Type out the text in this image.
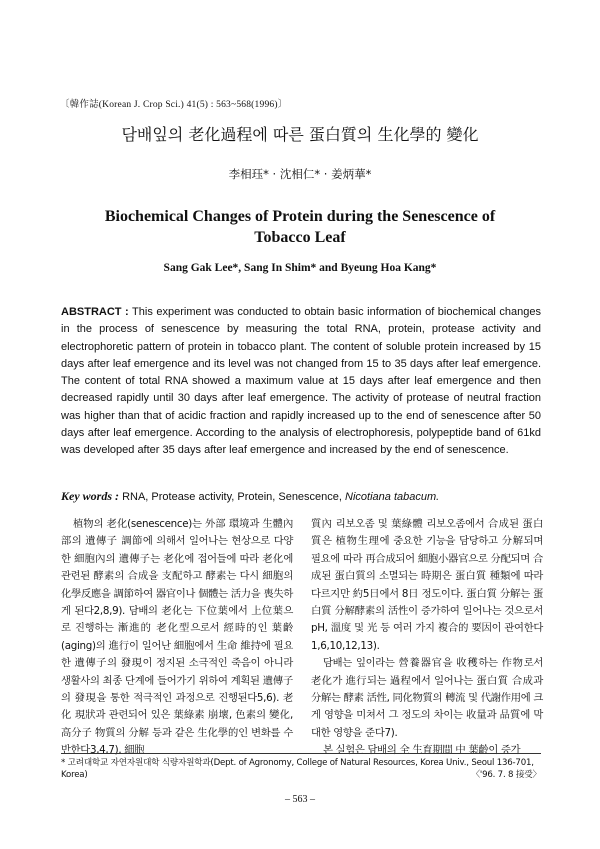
〔韓作誌(Korean J. Crop Sci.) 41(5) : 563~568(1996)〕
담배잎의 老化過程에 따른 蛋白質의 生化學的 變化
李相珏* · 沈相仁* · 姜炳華*
Biochemical Changes of Protein during the Senescence of Tobacco Leaf
Sang Gak Lee*, Sang In Shim* and Byeung Hoa Kang*
ABSTRACT : This experiment was conducted to obtain basic information of biochemical changes in the process of senescence by measuring the total RNA, protein, protease activity and electrophoretic pattern of protein in tobacco plant. The content of soluble protein increased by 15 days after leaf emergence and its level was not changed from 15 to 35 days after leaf emergence. The content of total RNA showed a maximum value at 15 days after leaf emergence and then decreased rapidly until 30 days after leaf emergence. The activity of protease of neutral fraction was higher than that of acidic fraction and rapidly increased up to the end of senescence after 50 days after leaf emergence. According to the analysis of electrophoresis, polypeptide band of 61kd was developed after 35 days after leaf emergence and increased by the end of senescence.
Key words : RNA, Protease activity, Protein, Senescence, Nicotiana tabacum.

植物의 老化(senescence)는 外部 環境과 生體內部의 遺傳子 調節에 의해서 일어나는 현상으로 다양한 細胞內의 遺傳子는 老化에 접어들에 따라 老化에 관련된 酵素의 合成을 支配하고 酵素는 다시 細胞의 化學反應을 調節하여 器官이나 個體는 活力을 喪失하게 된다2,8,9). 담배의 老化는 下位葉에서 上位葉으로 진행하는 漸進的 老化型으로서 經時的인 葉齡(aging)의 進行이 일어난 細胞에서 生命 維持에 필요한 遺傳子의 發現이 정지된 소극적인 죽음이 아니라 생활사의 최종 단계에 들어가기 위하여 계획된 遺傳子의 發現을 통한 적극적인 과정으로 진행된다5,6). 老化 現狀과 관련되어 있은 葉綠素 崩壞, 色素의 變化, 高分子 物質의 分解 등과 같은 生化學的인 변화를 수반한다3,4,7). 細胞

質內 리보오좀 및 葉綠體 리보오좀에서 合成된 蛋白質은 植物生理에 중요한 기능을 담당하고 分解되며 필요에 따라 再合成되어 細胞小器官으로 分配되며 合成된 蛋白質의 소멸되는 時期은 蛋白質 種類에 따라 다르지만 約5日에서 8日 정도이다. 蛋白質 分解는 蛋白質 分解酵素의 活性이 증가하여 일어나는 것으로서 pH, 溫度 및 光 등 여러 가지 複合的 要因이 관여한다1,6,10,12,13).

담배는 잎이라는 營養器官을 收穫하는 作物로서 老化가 進行되는 過程에서 일어나는 蛋白質 合成과 分解는 酵素 活性, 同化物質의 轉流 및 代謝作用에 크게 영향을 미쳐서 그 정도의 차이는 收量과 品質에 막대한 영향을 준다7).

본 실험은 담배의 全 生育期間 中 葉齡이 증가

* 고려대학교 자연자원대학 식량자원학과(Dept. of Agronomy, College of Natural Resources, Korea Univ., Seoul 136-701, Korea)	〈'96. 7. 8 接受〉
– 563 –
